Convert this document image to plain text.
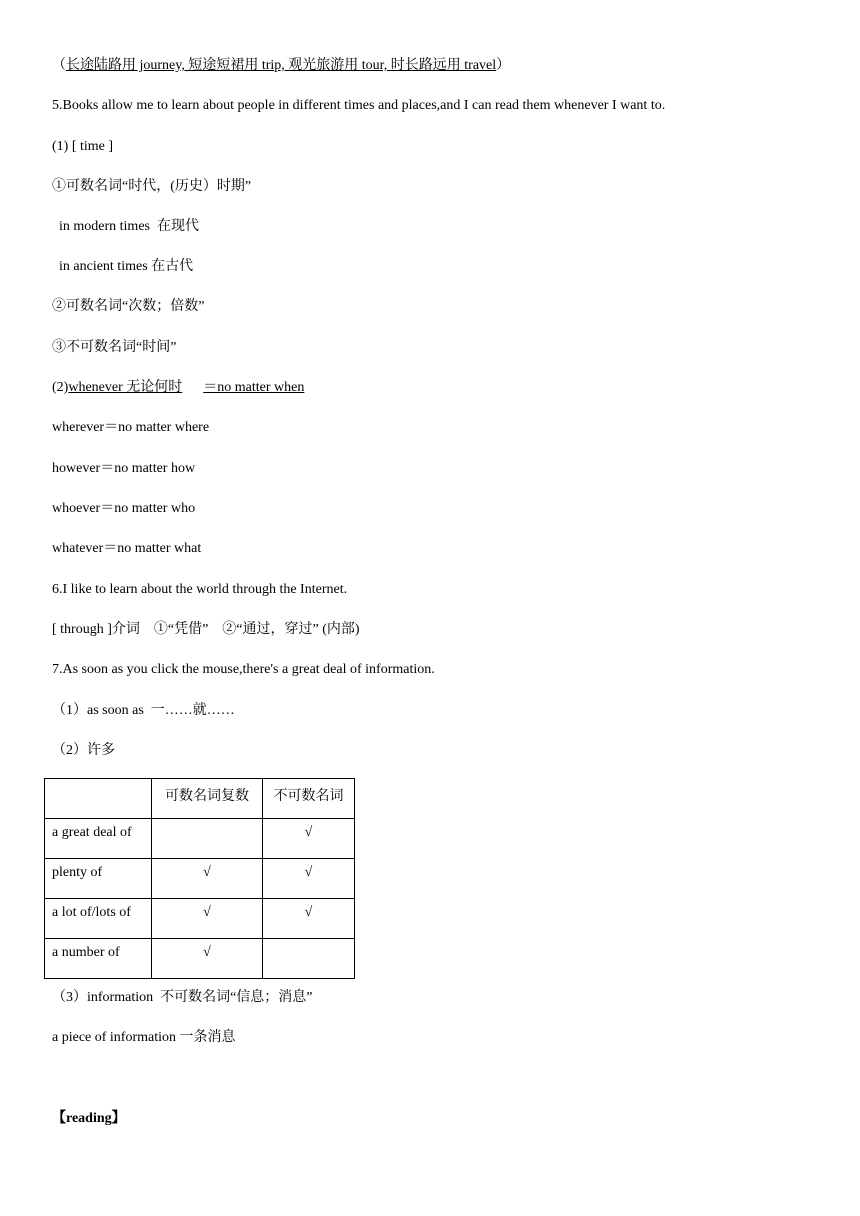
（长途陆路用 journey, 短途短裙用 trip, 观光旅游用 tour, 时长路远用 travel）
5.Books allow me to learn about people in different times and places,and I can read them whenever I want to.
(1) [ time ]
①可数名词“时代，(历史）时期”
in modern times  在现代
in ancient times 在古代
②可数名词“次数；倍数”
③不可数名词“时间”
(2)whenever 无论何时 ＝no matter when
wherever＝no matter where
however＝no matter how
whoever＝no matter who
whatever＝no matter what
6.I like to learn about the world through the Internet.
[ through ]介词    ①“凭借”    ②“通过，穿过” (内部)
7.As soon as you click the mouse,there's a great deal of information.
（1）as soon as  一……就……
（2）许多
	可数名词复数	不可数名词
a great deal of		√
plenty of	√	√
a lot of/lots of	√	√
a number of	√	
（3）information  不可数名词“信息；消息”
a piece of information 一条消息
【reading】
